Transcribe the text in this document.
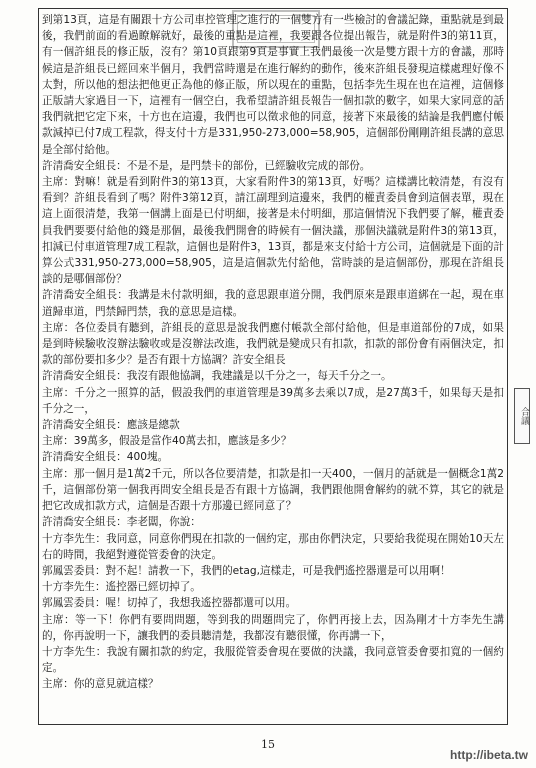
到第13頁，這是有關跟十方公司車控管理之進行的一個雙方有一些檢討的會議記錄，重點就是到最後，我們前面的看過瞭解就好，最後的重點是這裡，我要跟各位提出報告，就是附件3的第11頁，有一個許組長的修正版，沒有？第10頁跟第9頁是事實上我們最後一次是雙方跟十方的會議，那時候這是許組長已經回來半個月，我們當時還是在進行解約的動作，後來許組長發現這樣處理好像不太對，所以他的想法把他更正為他的修正版，所以現在的重點，包括李先生現在也在這裡，這個修正版請大家過目一下，這裡有一個空白，我希望請許組長報告一個扣款的數字，如果大家同意的話我們就把它定下來，十方也在這邊，我們也可以徵求他的同意，接著下來最後的結論是我們應付帳款減掉已付7成工程款，得支付十方是331,950-273,000=58,905，這個部份剛剛許組長講的意思是全部付給他。

許清喬安全組長：不是不是，是門禁卡的部份，已經驗收完成的部份。

主席：對嘛！就是看到附件3的第13頁，大家看附件3的第13頁，好嗎？這樣講比較清楚，有沒有看到？許組長看到了嗎？附件3第12頁，請江副理到這邊來，我們的權責委員會到這個表單，現在這上面很清楚，我第一個講上面是已付明細，接著是未付明細，那這個情況下我們要了解，權責委員我們要要付給他的錢是那個，最後我們開會的時候有一個決議，那個決議就是附件3的第13頁，扣減已付車道管理7成工程款，這個也是附件3，13頁，都是來支付給十方公司，這個就是下面的計算公式331,950-273,000=58,905，這是這個款先付給他，當時談的是這個部份，那現在許組長談的是哪個部份？

許清喬安全組長：我講是未付款明細，我的意思跟車道分開，我們原來是跟車道綁在一起，現在車道歸車道，門禁歸門禁，我的意思是這樣。

主席：各位委員有聽到，許組長的意思是說我們應付帳款全部付給他，但是車道部份的7成，如果是到時候驗收沒辦法驗收或是沒辦法改進，我們就是變成只有扣款，扣款的部份會有兩個決定，扣款的部份要扣多少？是否有跟十方協調？許安全組長

許清喬安全組長：我沒有跟他協調，我建議是以千分之一，每天千分之一。

主席：千分之一照算的話，假設我們的車道管理是39萬多去乘以7成，是27萬3千，如果每天是扣千分之一，

許清喬安全組長：應該是總款

主席：39萬多，假設是當作40萬去扣，應該是多少？

許清喬安全組長：400塊。

主席：那一個月是1萬2千元，所以各位要清楚，扣款是扣一天400，一個月的話就是一個概念1萬2千，這個部份第一個我再問安全組長是否有跟十方協調，我們跟他開會解約的就不算，其它的就是把它改成扣款方式，這個是否跟十方那邊已經同意了？

許清喬安全組長：李老闆，你說：

十方李先生：我同意，同意你們現在扣款的一個約定，那由你們決定，只要給我從現在開始10天左右的時間，我絕對遵從管委會的決定。

郭鳳雲委員：對不起！請教一下，我們的etag,這樣走，可是我們遙控器還是可以用啊！

十方李先生：遙控器已經切掉了。

郭鳳雲委員：喔！切掉了，我想我遙控器都還可以用。

主席：等一下！你們有要問問題，等到我的問題問完了，你們再接上去，因為剛才十方李先生講的，你再說明一下，讓我們的委員聽清楚，我都沒有聽很懂，你再講一下，

十方李先生：我說有關扣款的約定，我服從管委會現在要做的決議，我同意管委會要扣寬的一個約定。

主席：你的意見就這樣？

合議
15
http://ibeta.tw
